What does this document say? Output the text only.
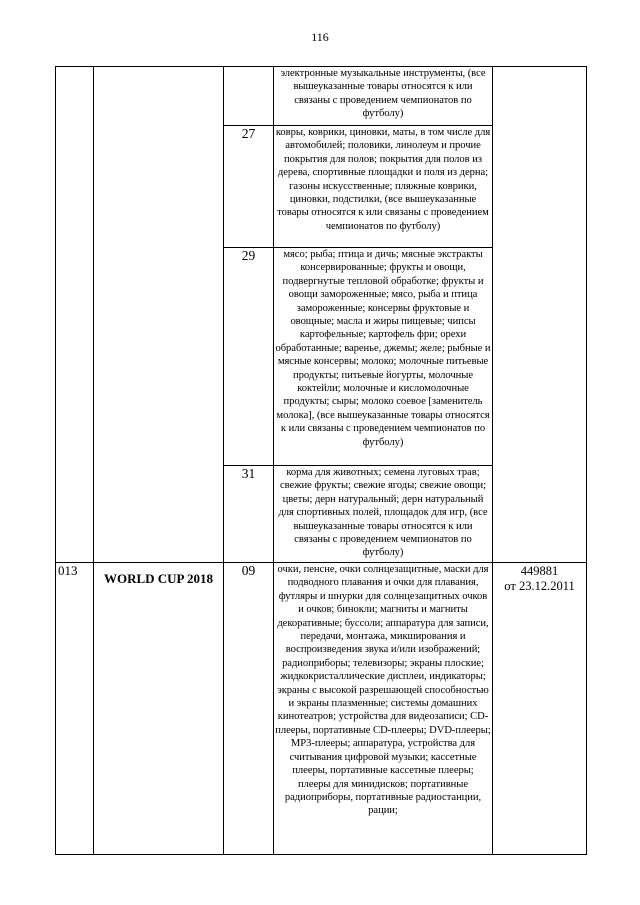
116
			электронные музыкальные инструменты, (все вышеуказанные товары относятся к или связаны с проведением чемпионатов по футболу)	
		27	ковры, коврики, циновки, маты, в том числе для автомобилей; половики, линолеум и прочие покрытия для полов; покрытия для полов из дерева, спортивные площадки и поля из дерна; газоны искусственные; пляжные коврики, циновки, подстилки, (все вышеуказанные товары относятся к или связаны с проведением чемпионатов по футболу)	
		29	мясо; рыба; птица и дичь; мясные экстракты консервированные; фрукты и овощи, подвергнутые тепловой обработке; фрукты и овощи замороженные; мясо, рыба и птица замороженные; консервы фруктовые и овощные; масла и жиры пищевые; чипсы картофельные; картофель фри; орехи обработанные; варенье, джемы; желе; рыбные и мясные консервы; молоко; молочные питьевые продукты; питьевые йогурты, молочные коктейли; молочные и кисломолочные продукты; сыры; молоко соевое [заменитель молока], (все вышеуказанные товары относятся к или связаны с проведением чемпионатов по футболу)	
		31	корма для животных; семена луговых трав; свежие фрукты; свежие ягоды; свежие овощи; цветы; дерн натуральный; дерн натуральный для спортивных полей, площадок для игр, (все вышеуказанные товары относятся к или связаны с проведением чемпионатов по футболу)	
013	WORLD CUP 2018	09	очки, пенсне, очки солнцезащитные, маски для подводного плавания и очки для плавания, футляры и шнурки для солнцезащитных очков и очков; бинокли; магниты и магниты декоративные; буссоли; аппаратура для записи, передачи, монтажа, микширования и воспроизведения звука и/или изображений; радиоприборы; телевизоры; экраны плоские; жидкокристаллические дисплеи, индикаторы; экраны с высокой разрешающей способностью и экраны плазменные; системы домашних кинотеатров; устройства для видеозаписи; CD-плееры, портативные CD-плееры; DVD-плееры; MP3-плееры; аппаратура, устройства для считывания цифровой музыки; кассетные плееры, портативные кассетные плееры; плееры для минидисков; портативные радиоприборы, портативные радиостанции, рации;	449881
от 23.12.2011
